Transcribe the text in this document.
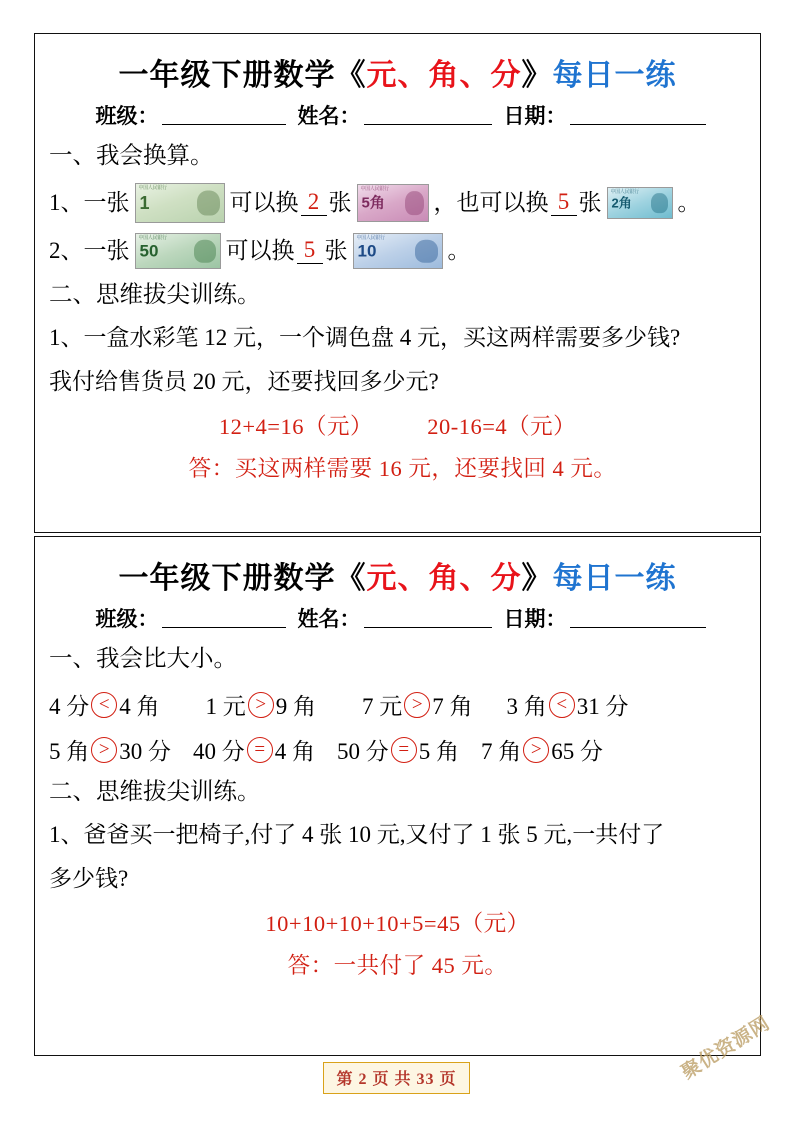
一年级下册数学《元、角、分》每日一练
班级：	姓名：	日期：
一、我会换算。
1、 一张
中国人民银行
1	可以换 2 张
中国人民银行
5角 ，也可以换 5 张 中国人民银行
2角 。
2、 一张 中国人民银行
50	可以换 5 张 中国人民银行
10	。
二、思维拔尖训练。
1、一盒水彩笔 12 元，一个调色盘 4 元，买这两样需要多少钱?
我付给售货员 20 元，还要找回多少元?
12+4=16（元） 20-16=4（元）
答：买这两样需要 16 元，还要找回 4 元。
一年级下册数学《元、角、分》每日一练
班级：	姓名：	日期：
一、我会比大小。
4 分 < 4 角 1 元 > 9 角 7 元 > 7 角 3 角 < 31 分
5 角 > 30 分 40 分 = 4 角 50 分 = 5 角 7 角 > 65 分
二、思维拔尖训练。
1、爸爸买一把椅子,付了 4 张 10 元,又付了 1 张 5 元,一共付了
多少钱?
10+10+10+10+5=45（元）
答：一共付了 45 元。
聚优资源网
第 2 页 共 33 页
